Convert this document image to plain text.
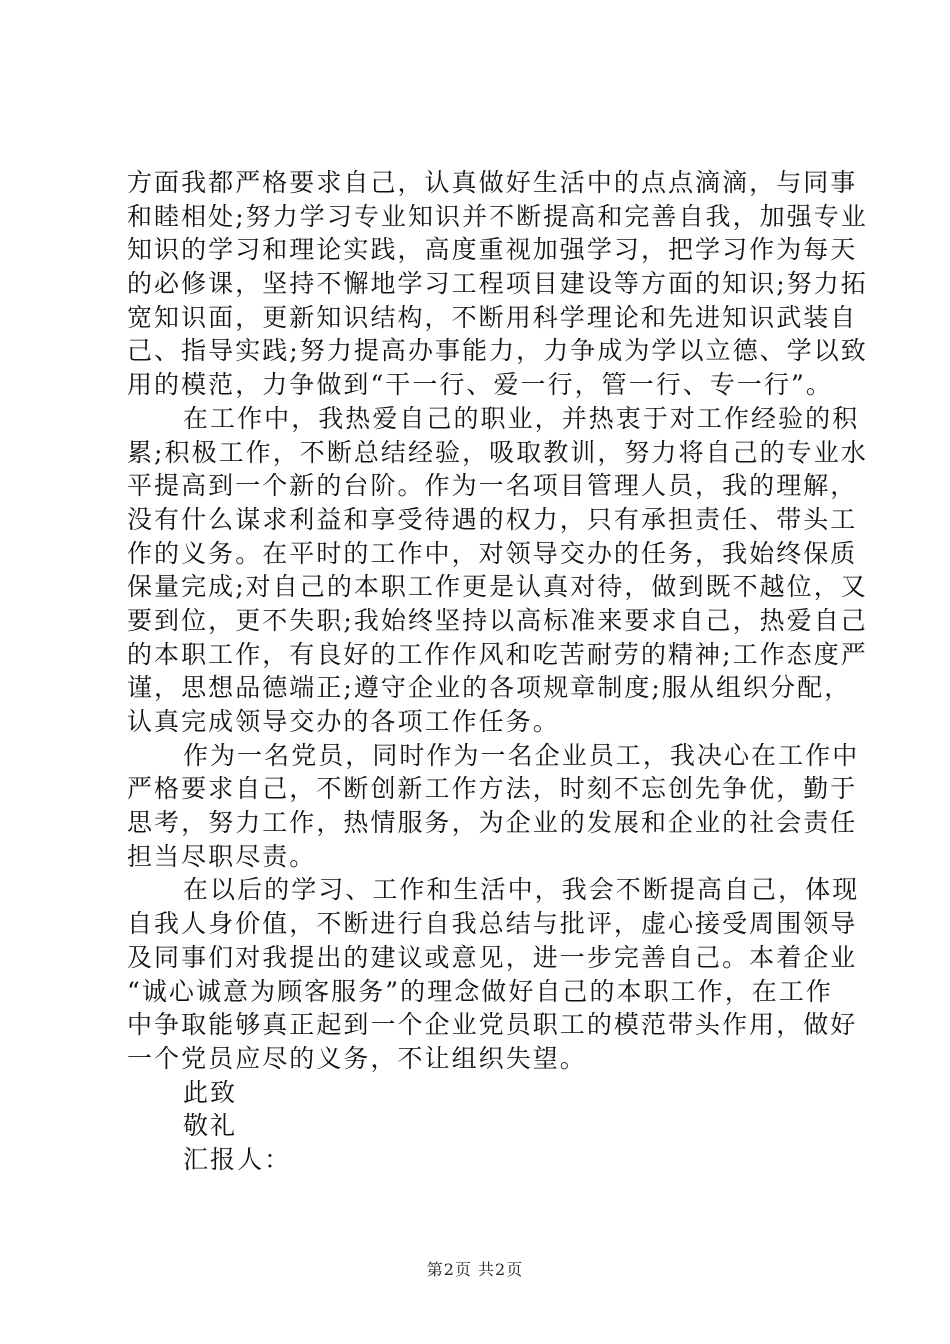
方面我都严格要求自己，认真做好生活中的点点滴滴，与同事
和睦相处;努力学习专业知识并不断提高和完善自我，加强专业
知识的学习和理论实践，高度重视加强学习，把学习作为每天
的必修课，坚持不懈地学习工程项目建设等方面的知识;努力拓
宽知识面，更新知识结构，不断用科学理论和先进知识武装自
己、指导实践;努力提高办事能力，力争成为学以立德、学以致
用的模范，力争做到“干一行、爱一行，管一行、专一行”。
在工作中，我热爱自己的职业，并热衷于对工作经验的积
累;积极工作，不断总结经验，吸取教训，努力将自己的专业水
平提高到一个新的台阶。作为一名项目管理人员，我的理解，
没有什么谋求利益和享受待遇的权力，只有承担责任、带头工
作的义务。在平时的工作中，对领导交办的任务，我始终保质
保量完成;对自己的本职工作更是认真对待，做到既不越位，又
要到位，更不失职;我始终坚持以高标准来要求自己，热爱自己
的本职工作，有良好的工作作风和吃苦耐劳的精神;工作态度严
谨，思想品德端正;遵守企业的各项规章制度;服从组织分配，
认真完成领导交办的各项工作任务。
作为一名党员，同时作为一名企业员工，我决心在工作中
严格要求自己，不断创新工作方法，时刻不忘创先争优，勤于
思考，努力工作，热情服务，为企业的发展和企业的社会责任
担当尽职尽责。
在以后的学习、工作和生活中，我会不断提高自己，体现
自我人身价值，不断进行自我总结与批评，虚心接受周围领导
及同事们对我提出的建议或意见，进一步完善自己。本着企业
“诚心诚意为顾客服务”的理念做好自己的本职工作，在工作
中争取能够真正起到一个企业党员职工的模范带头作用，做好
一个党员应尽的义务，不让组织失望。
此致
敬礼
汇报人：
第2页 共2页
